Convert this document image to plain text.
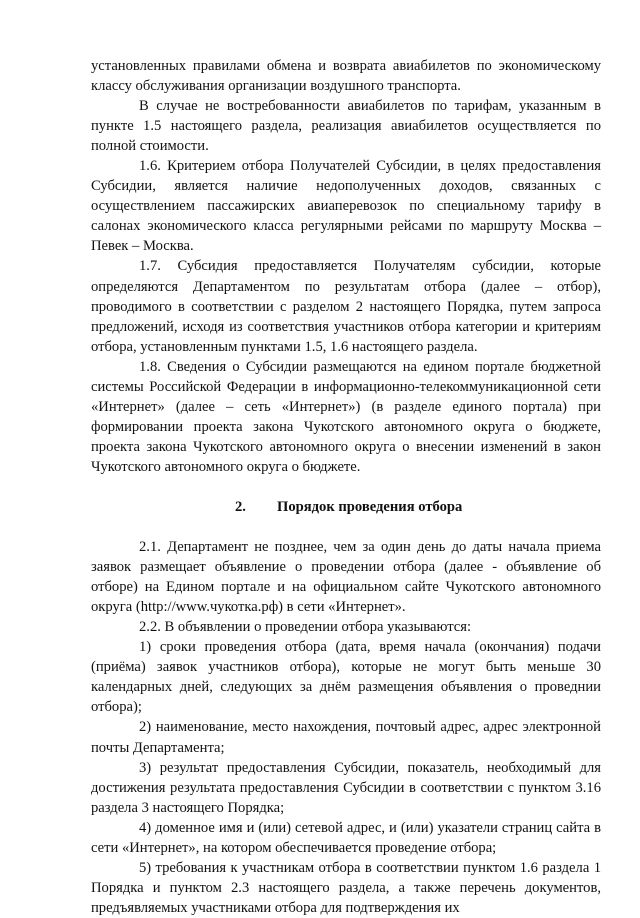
установленных правилами обмена и возврата авиабилетов по экономическому классу обслуживания организации воздушного транспорта.

В случае не востребованности авиабилетов по тарифам, указанным в пункте 1.5 настоящего раздела, реализация авиабилетов осуществляется по полной стоимости.

1.6. Критерием отбора Получателей Субсидии, в целях предоставления Субсидии, является наличие недополученных доходов, связанных с осуществлением пассажирских авиаперевозок по специальному тарифу в салонах экономического класса регулярными рейсами по маршруту Москва – Певек – Москва.

1.7. Субсидия предоставляется Получателям субсидии, которые определяются Департаментом по результатам отбора (далее – отбор), проводимого в соответствии с разделом 2 настоящего Порядка, путем запроса предложений, исходя из соответствия участников отбора категории и критериям отбора, установленным пунктами 1.5, 1.6 настоящего раздела.

1.8. Сведения о Субсидии размещаются на едином портале бюджетной системы Российской Федерации в информационно-телекоммуникационной сети «Интернет» (далее – сеть «Интернет») (в разделе единого портала) при формировании проекта закона Чукотского автономного округа о бюджете, проекта закона Чукотского автономного округа о внесении изменений в закон Чукотского автономного округа о бюджете.

2. Порядок проведения отбора

2.1. Департамент не позднее, чем за один день до даты начала приема заявок размещает объявление о проведении отбора (далее - объявление об отборе) на Едином портале и на официальном сайте Чукотского автономного округа (http://www.чукотка.рф) в сети «Интернет».

2.2. В объявлении о проведении отбора указываются:

1) сроки проведения отбора (дата, время начала (окончания) подачи (приёма) заявок участников отбора), которые не могут быть меньше 30 календарных дней, следующих за днём размещения объявления о проведнии отбора);

2) наименование, место нахождения, почтовый адрес, адрес электронной почты Департамента;

3) результат предоставления Субсидии, показатель, необходимый для достижения результата предоставления Субсидии в соответствии с пунктом 3.16 раздела 3 настоящего Порядка;

4) доменное имя и (или) сетевой адрес, и (или) указатели страниц сайта в сети «Интернет», на котором обеспечивается проведение отбора;

5) требования к участникам отбора в соответствии пунктом 1.6 раздела 1 Порядка и пунктом 2.3 настоящего раздела, а также перечень документов, предъявляемых участниками отбора для подтверждения их
